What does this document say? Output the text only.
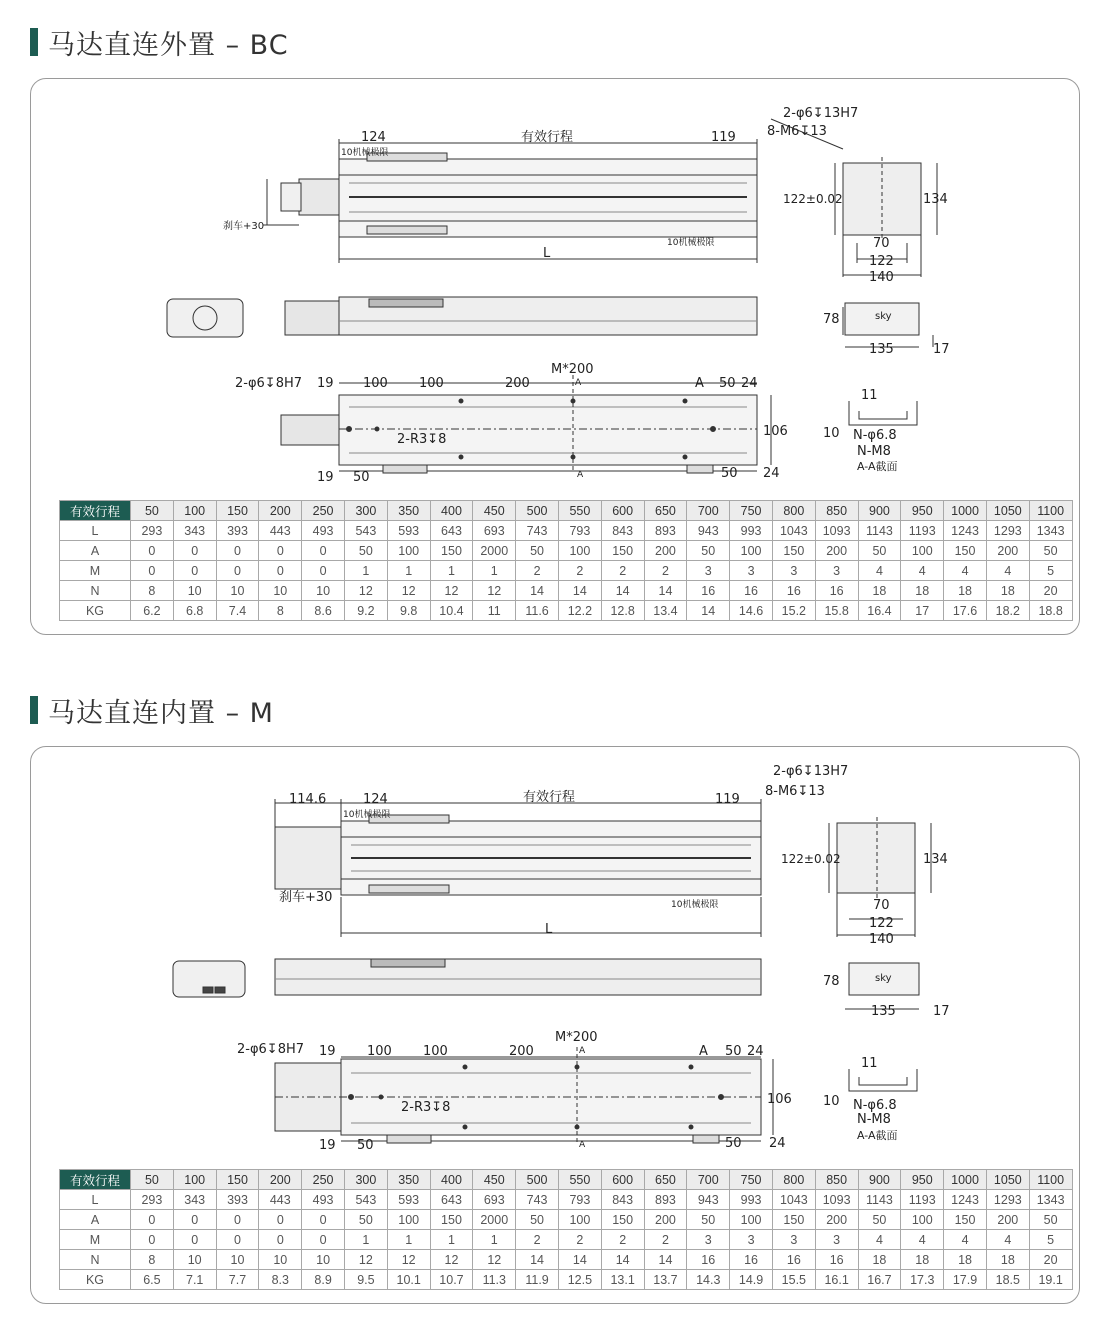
马达直连外置 – BC
2-φ6↧13H7
8-M6↧13
124	有效行程	119
10机械极限
10机械极限
刹车+30
L
122±0.02	134
70
122
140
78	sky
135	17
2-φ6↧8H7 19 100 100	200
M*200
A	A 50 24
2-R3↧8
106
19 50	A	50 24
11
10 N-φ6.8
N-M8
A-A截面
有效行程	50	100	150	200	250	300	350	400	450	500	550	600	650	700	750	800	850	900	950	1000	1050	1100
L	293	343	393	443	493	543	593	643	693	743	793	843	893	943	993	1043	1093	1143	1193	1243	1293	1343
A	0	0	0	0	0	50	100	150	2000	50	100	150	200	50	100	150	200	50	100	150	200	50
M	0	0	0	0	0	1	1	1	1	2	2	2	2	3	3	3	3	4	4	4	4	5
N	8	10	10	10	10	12	12	12	12	14	14	14	14	16	16	16	16	18	18	18	18	20
KG	6.2	6.8	7.4	8	8.6	9.2	9.8	10.4	11	11.6	12.2	12.8	13.4	14	14.6	15.2	15.8	16.4	17	17.6	18.2	18.8
马达直连内置 – M
2-φ6↧13H7
8-M6↧13
114.6	124	有效行程	119
10机械极限
10机械极限
刹车+30
L
122±0.02	134
70
122
140
78	sky
135	17
2-φ6↧8H7 19 100 100	200
M*200
A	A 50 24
2-R3↧8
106
19 50	A	50 24
11
10 N-φ6.8
N-M8
A-A截面
有效行程	50	100	150	200	250	300	350	400	450	500	550	600	650	700	750	800	850	900	950	1000	1050	1100
L	293	343	393	443	493	543	593	643	693	743	793	843	893	943	993	1043	1093	1143	1193	1243	1293	1343
A	0	0	0	0	0	50	100	150	2000	50	100	150	200	50	100	150	200	50	100	150	200	50
M	0	0	0	0	0	1	1	1	1	2	2	2	2	3	3	3	3	4	4	4	4	5
N	8	10	10	10	10	12	12	12	12	14	14	14	14	16	16	16	16	18	18	18	18	20
KG	6.5	7.1	7.7	8.3	8.9	9.5	10.1	10.7	11.3	11.9	12.5	13.1	13.7	14.3	14.9	15.5	16.1	16.7	17.3	17.9	18.5	19.1
